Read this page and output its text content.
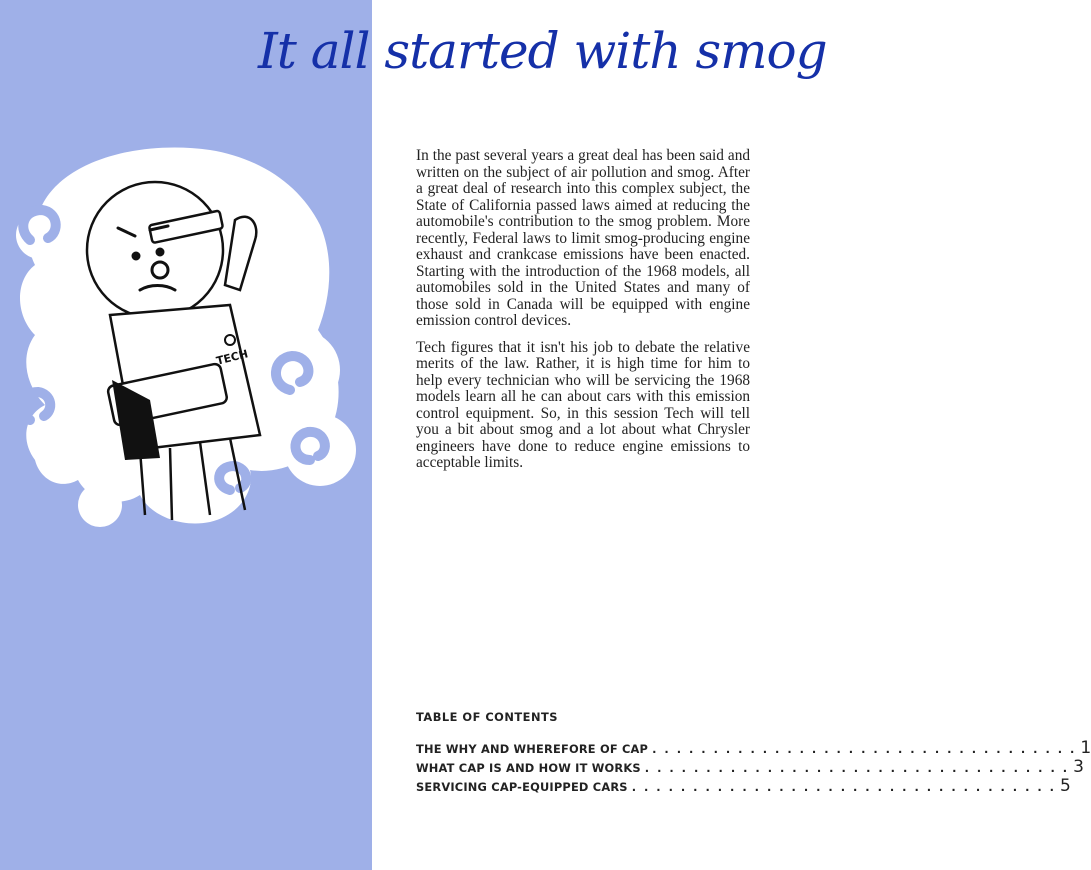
TECH
It all started with smog

In the past several years a great deal has been said and written on the subject of air pollution and smog. After a great deal of research into this complex subject, the State of California passed laws aimed at reducing the automobile's contribution to the smog problem. More recently, Federal laws to limit smog-producing engine exhaust and crankcase emissions have been enacted. Starting with the introduction of the 1968 models, all automobiles sold in the United States and many of those sold in Canada will be equipped with engine emission control devices.

Tech figures that it isn't his job to debate the relative merits of the law. Rather, it is high time for him to help every technician who will be servicing the 1968 models learn all he can about cars with this emission control equipment. So, in this session Tech will tell you a bit about smog and a lot about what Chrysler engineers have done to reduce engine emissions to acceptable limits.

TABLE OF CONTENTS
THE WHY AND WHEREFORE OF CAP . . . . . . . . . . . . . . . . . . . . . . . . . . . . . . . . . . . 1
WHAT CAP IS AND HOW IT WORKS . . . . . . . . . . . . . . . . . . . . . . . . . . . . . . . . . . . 3
SERVICING CAP-EQUIPPED CARS . . . . . . . . . . . . . . . . . . . . . . . . . . . . . . . . . . . 5
